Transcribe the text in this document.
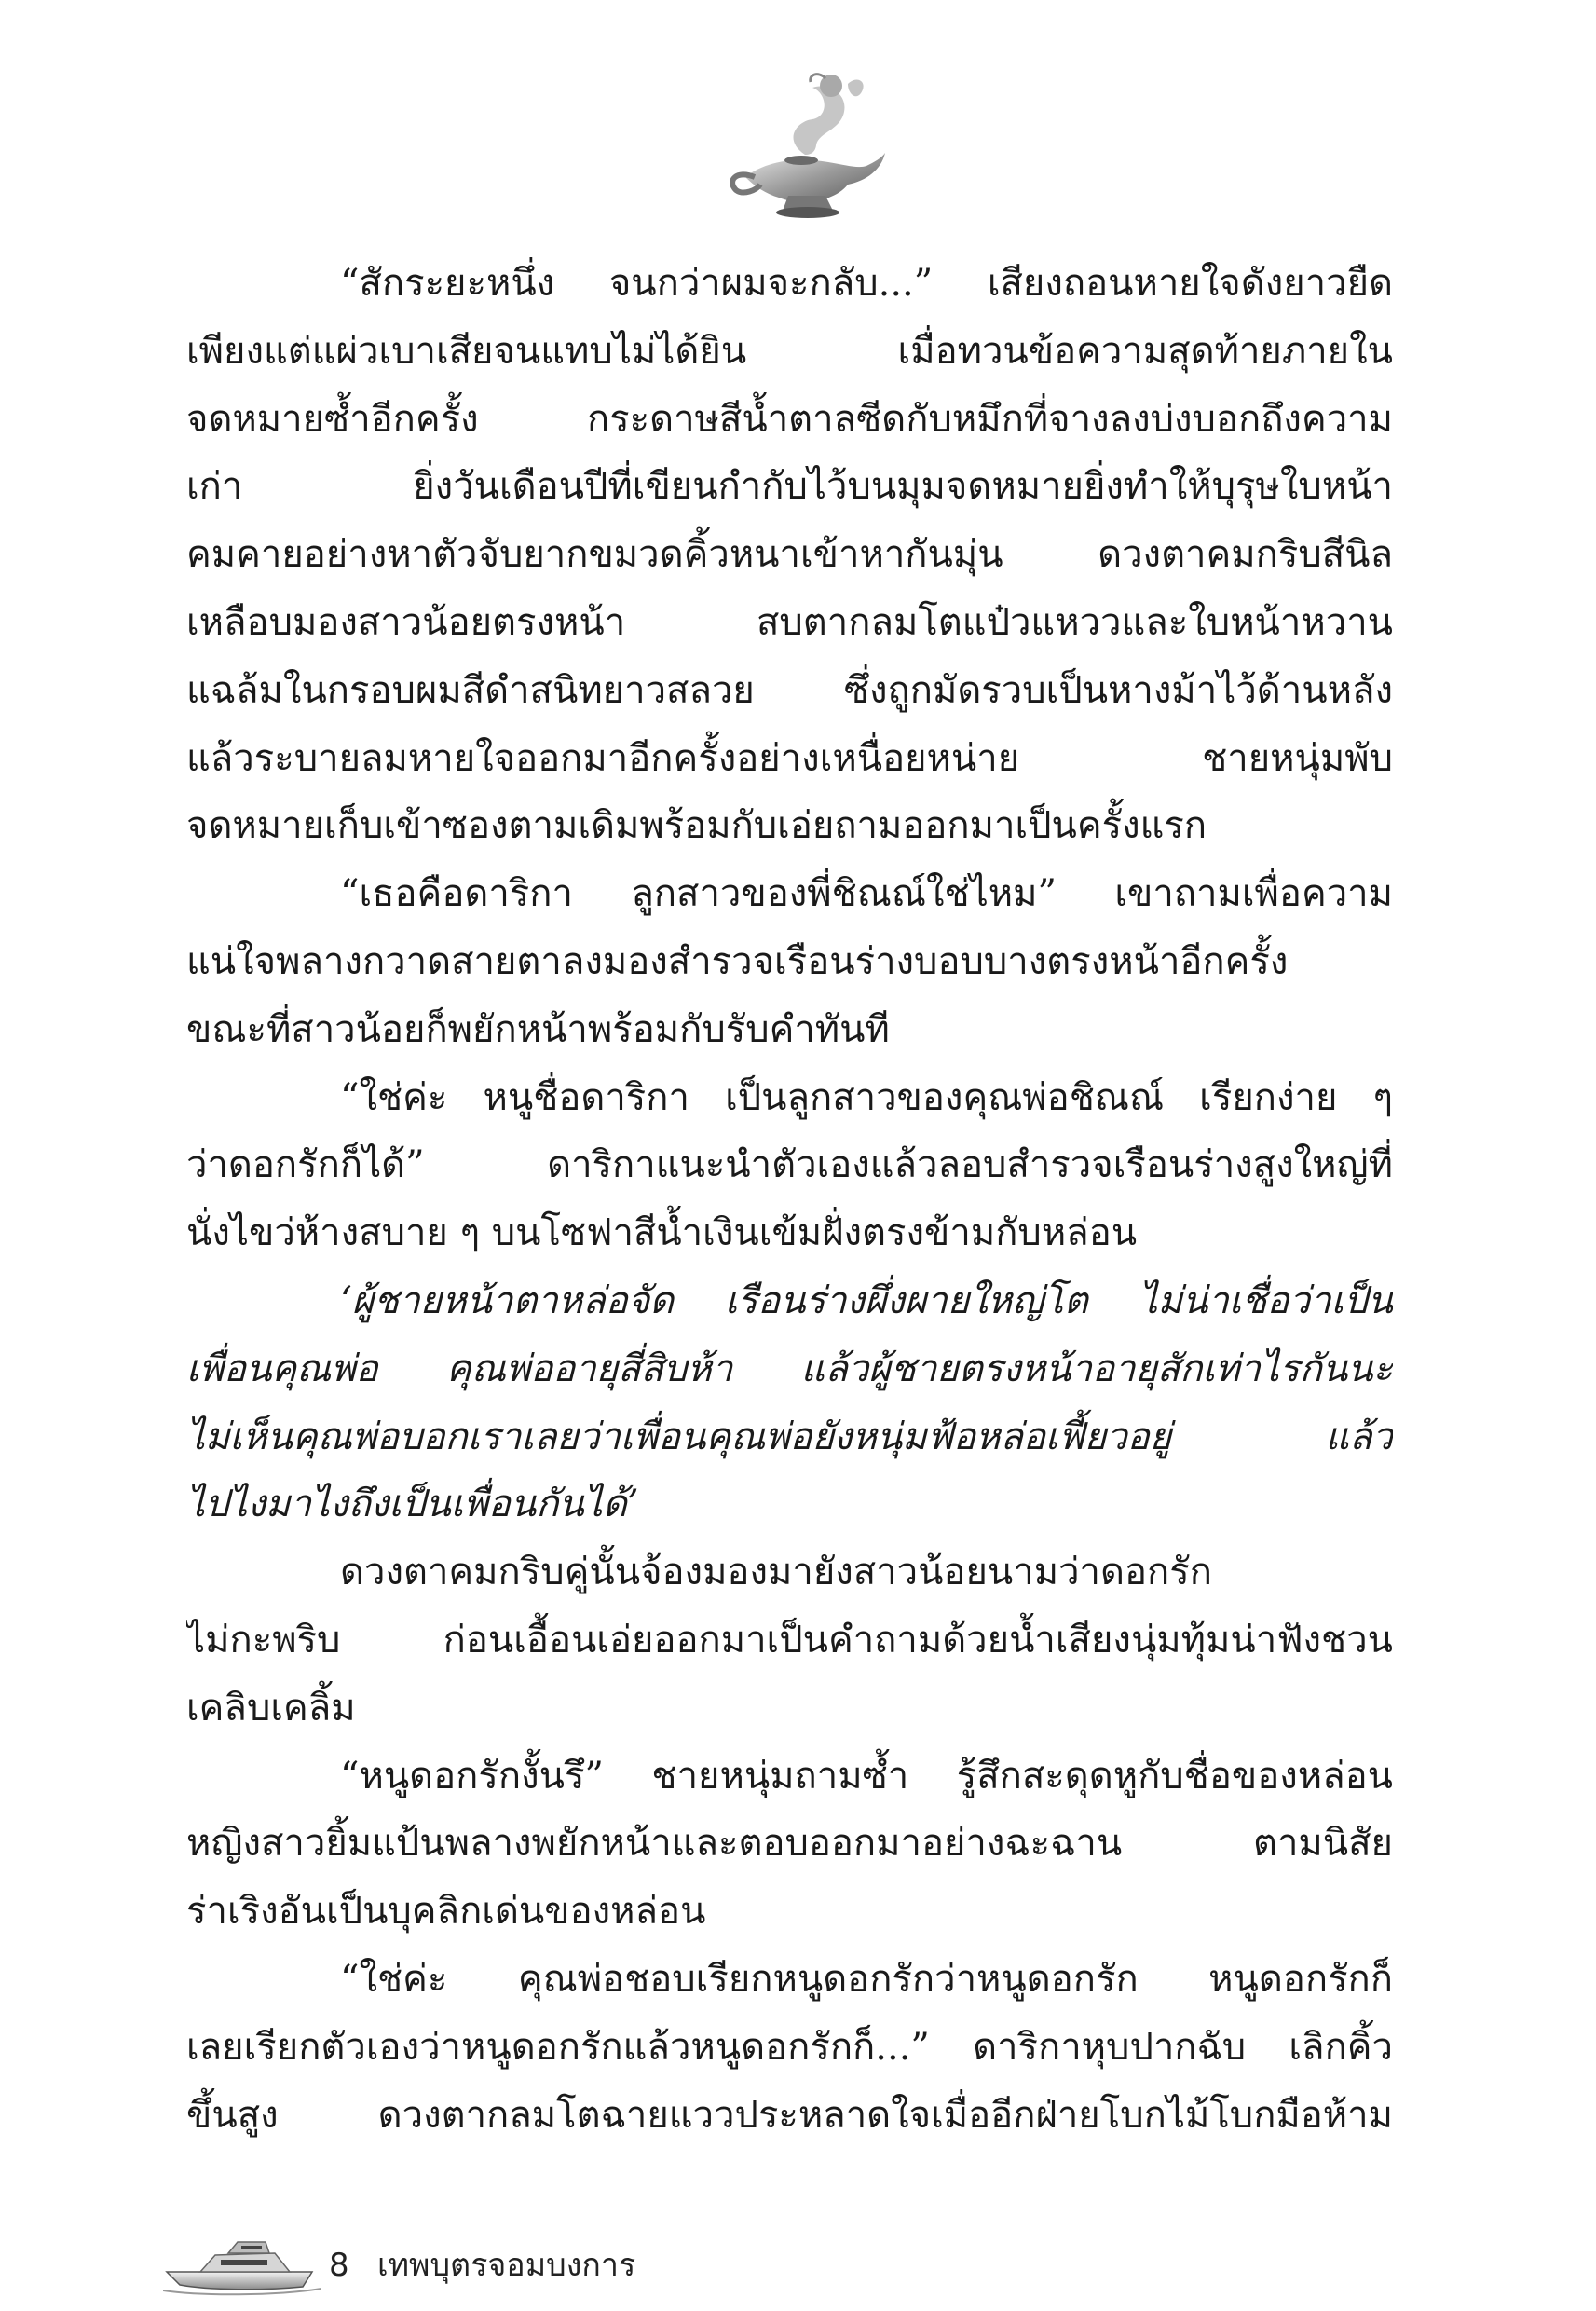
“สักระยะหนึ่ง จนกว่าผมจะกลับ...” เสียงถอนหายใจดังยาวยืด
เพียงแต่แผ่วเบาเสียจนแทบไม่ได้ยิน เมื่อทวนข้อความสุดท้ายภายใน
จดหมายซ้ำอีกครั้ง กระดาษสีน้ำตาลซีดกับหมึกที่จางลงบ่งบอกถึงความ
เก่า ยิ่งวันเดือนปีที่เขียนกำกับไว้บนมุมจดหมายยิ่งทำให้บุรุษใบหน้า
คมคายอย่างหาตัวจับยากขมวดคิ้วหนาเข้าหากันมุ่น ดวงตาคมกริบสีนิล
เหลือบมองสาวน้อยตรงหน้า สบตากลมโตแป๋วแหววและใบหน้าหวาน
แฉล้มในกรอบผมสีดำสนิทยาวสลวย ซึ่งถูกมัดรวบเป็นหางม้าไว้ด้านหลัง
แล้วระบายลมหายใจออกมาอีกครั้งอย่างเหนื่อยหน่าย ชายหนุ่มพับ
จดหมายเก็บเข้าซองตามเดิมพร้อมกับเอ่ยถามออกมาเป็นครั้งแรก
“เธอคือดาริกา ลูกสาวของพี่ชิณณ์ใช่ไหม” เขาถามเพื่อความ
แน่ใจพลางกวาดสายตาลงมองสำรวจเรือนร่างบอบบางตรงหน้าอีกครั้ง
ขณะที่สาวน้อยก็พยักหน้าพร้อมกับรับคำทันที
“ใช่ค่ะ หนูชื่อดาริกา เป็นลูกสาวของคุณพ่อชิณณ์ เรียกง่าย ๆ
ว่าดอกรักก็ได้” ดาริกาแนะนำตัวเองแล้วลอบสำรวจเรือนร่างสูงใหญ่ที่
นั่งไขว่ห้างสบาย ๆ บนโซฟาสีน้ำเงินเข้มฝั่งตรงข้ามกับหล่อน
‘ผู้ชายหน้าตาหล่อจัด เรือนร่างผึ่งผายใหญ่โต ไม่น่าเชื่อว่าเป็น
เพื่อนคุณพ่อ คุณพ่ออายุสี่สิบห้า แล้วผู้ชายตรงหน้าอายุสักเท่าไรกันนะ
ไม่เห็นคุณพ่อบอกเราเลยว่าเพื่อนคุณพ่อยังหนุ่มฟ้อหล่อเฟี้ยวอยู่ แล้ว
ไปไงมาไงถึงเป็นเพื่อนกันได้’
ดวงตาคมกริบคู่นั้นจ้องมองมายังสาวน้อยนามว่าดอกรัก
ไม่กะพริบ ก่อนเอื้อนเอ่ยออกมาเป็นคำถามด้วยน้ำเสียงนุ่มทุ้มน่าฟังชวน
เคลิบเคลิ้ม
“หนูดอกรักงั้นรึ” ชายหนุ่มถามซ้ำ รู้สึกสะดุดหูกับชื่อของหล่อน
หญิงสาวยิ้มแป้นพลางพยักหน้าและตอบออกมาอย่างฉะฉาน ตามนิสัย
ร่าเริงอันเป็นบุคลิกเด่นของหล่อน
“ใช่ค่ะ คุณพ่อชอบเรียกหนูดอกรักว่าหนูดอกรัก หนูดอกรักก็
เลยเรียกตัวเองว่าหนูดอกรักแล้วหนูดอกรักก็...” ดาริกาหุบปากฉับ เลิกคิ้ว
ขึ้นสูง ดวงตากลมโตฉายแววประหลาดใจเมื่ออีกฝ่ายโบกไม้โบกมือห้าม
8 เทพบุตรจอมบงการ
